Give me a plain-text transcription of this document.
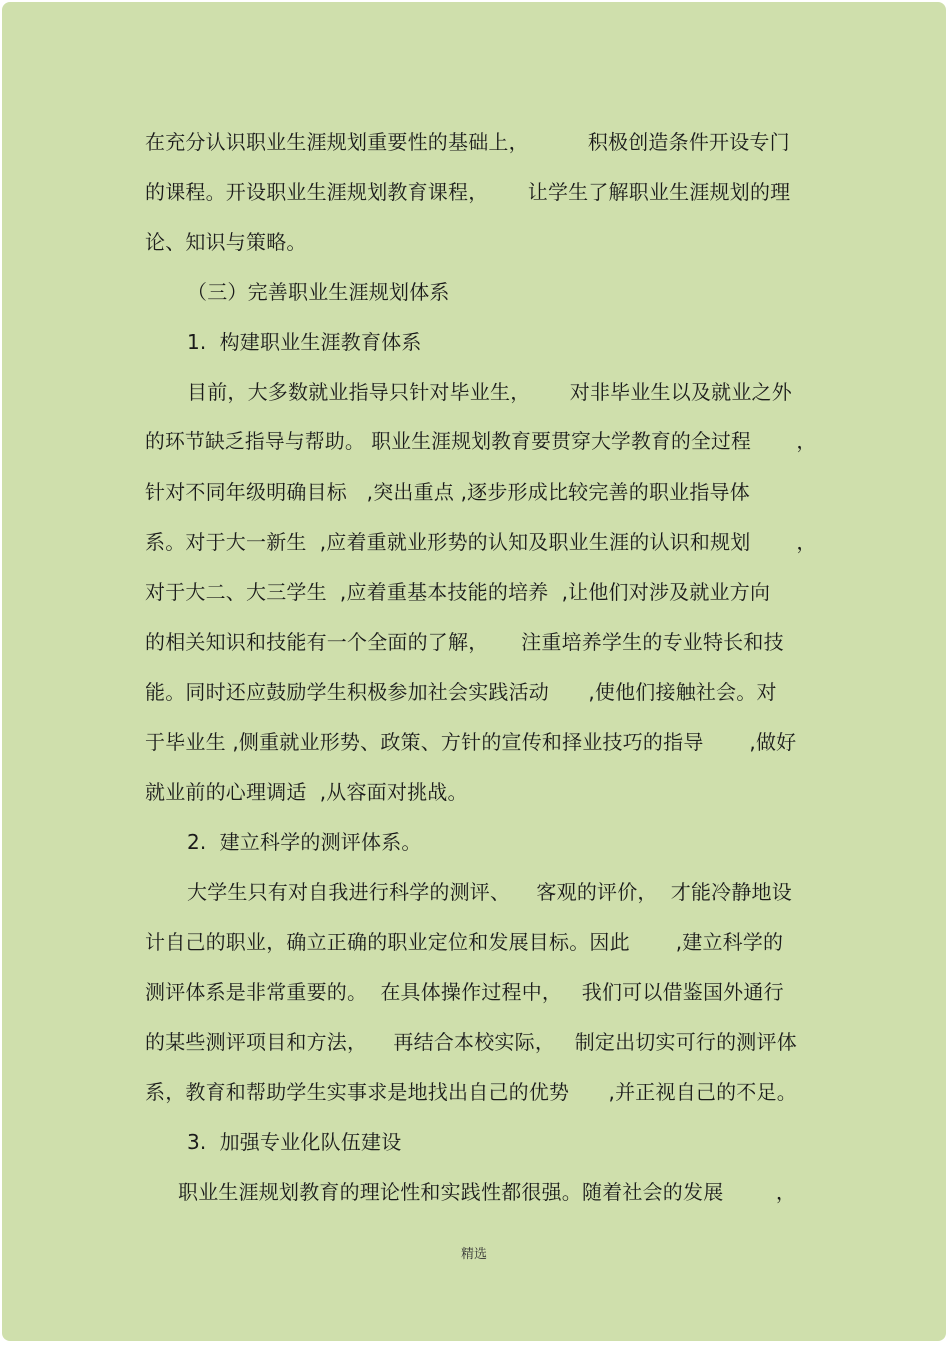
在充分认识职业生涯规划重要性的基础上，         积极创造条件开设专门
的课程。开设职业生涯规划教育课程，      让学生了解职业生涯规划的理
论、知识与策略。
（三）完善职业生涯规划体系
1.  构建职业生涯教育体系
目前，大多数就业指导只针对毕业生，      对非毕业生以及就业之外
的环节缺乏指导与帮助。 职业生涯规划教育要贯穿大学教育的全过程       ，
针对不同年级明确目标   ,突出重点 ,逐步形成比较完善的职业指导体
系。对于大一新生  ,应着重就业形势的认知及职业生涯的认识和规划       ，
对于大二、大三学生  ,应着重基本技能的培养  ,让他们对涉及就业方向
的相关知识和技能有一个全面的了解，     注重培养学生的专业特长和技
能。同时还应鼓励学生积极参加社会实践活动      ,使他们接触社会。对
于毕业生 ,侧重就业形势、政策、方针的宣传和择业技巧的指导       ,做好
就业前的心理调适  ,从容面对挑战。
2.  建立科学的测评体系。
大学生只有对自我进行科学的测评、    客观的评价，  才能冷静地设
计自己的职业，确立正确的职业定位和发展目标。因此       ,建立科学的
测评体系是非常重要的。  在具体操作过程中，   我们可以借鉴国外通行
的某些测评项目和方法，    再结合本校实际，   制定出切实可行的测评体
系，教育和帮助学生实事求是地找出自己的优势      ,并正视自己的不足。
3.  加强专业化队伍建设
职业生涯规划教育的理论性和实践性都很强。随着社会的发展        ，
精选
